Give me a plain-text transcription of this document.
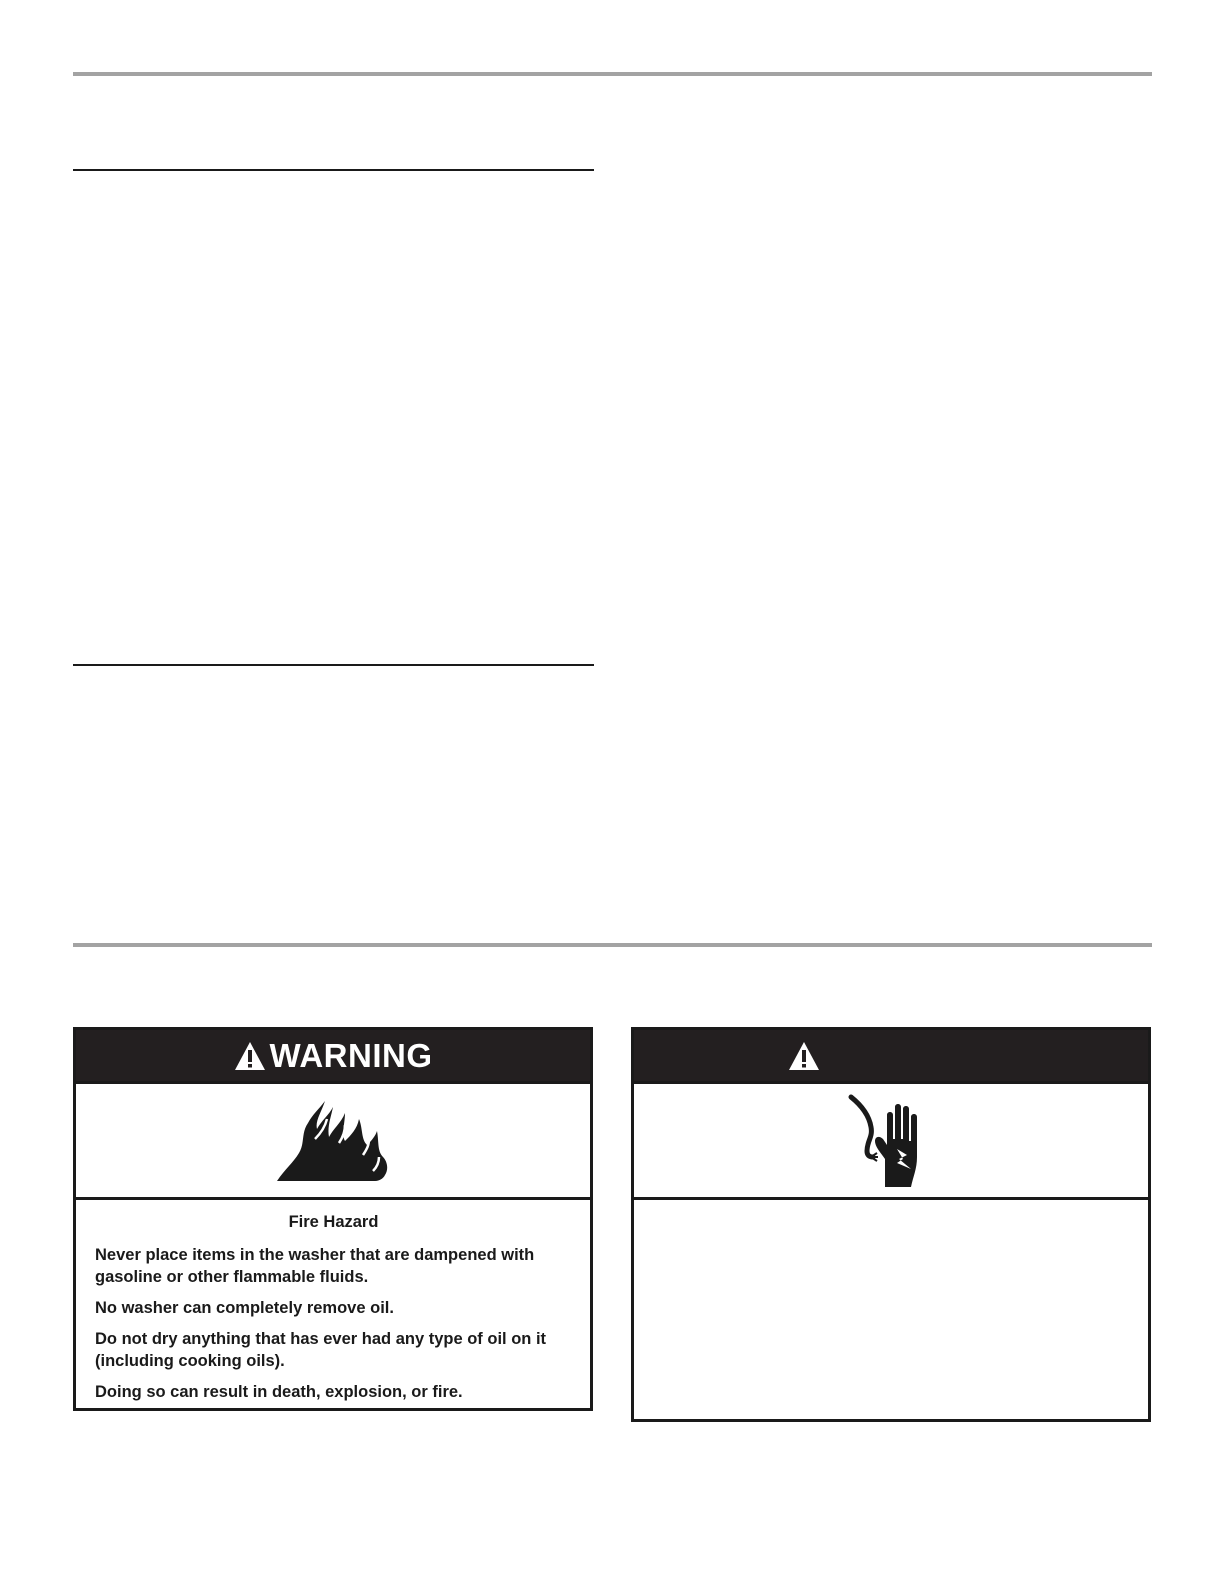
WARNING
Fire Hazard

Never place items in the washer that are dampened with gasoline or other flammable fluids.

No washer can completely remove oil.

Do not dry anything that has ever had any type of oil on it (including cooking oils).

Doing so can result in death, explosion, or fire.
